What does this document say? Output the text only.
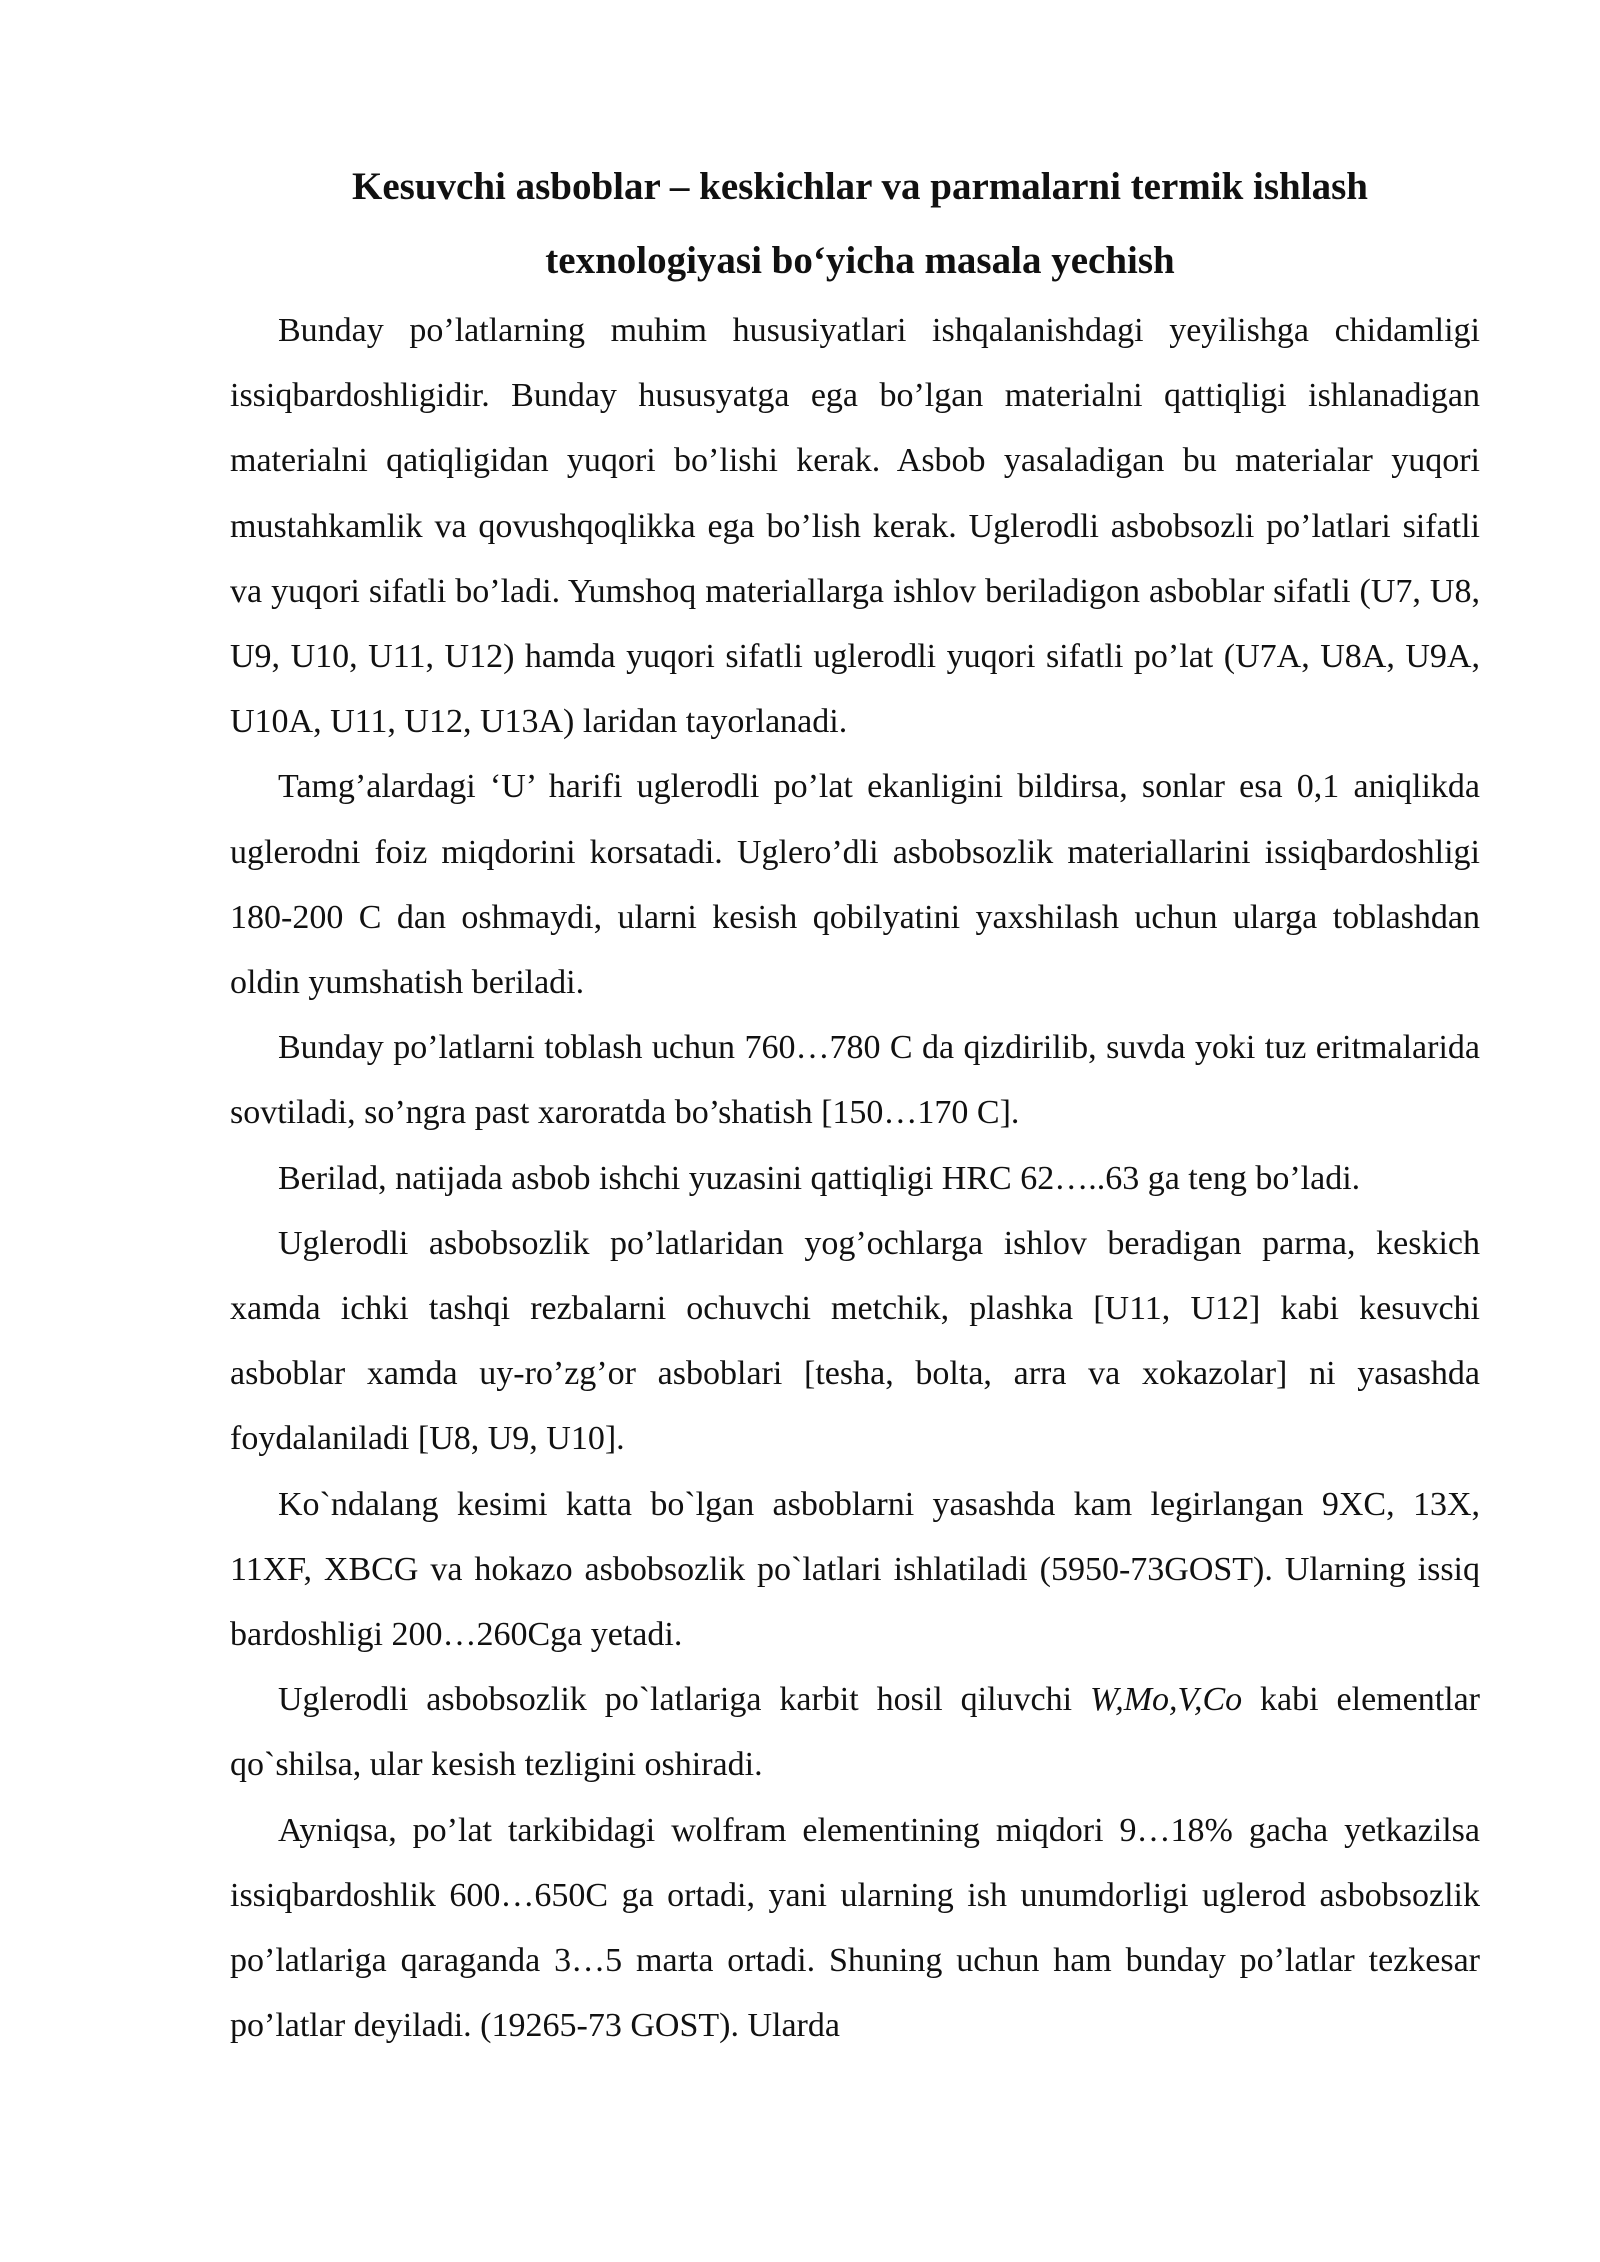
Kesuvchi asboblar – keskichlar va parmalarni termik ishlash
texnologiyasi bo‘yicha masala yechish

Bunday po’latlarning muhim hususiyatlari ishqalanishdagi yeyilishga chidamligi issiqbardoshligidir. Bunday hususyatga ega bo’lgan materialni qattiqligi ishlanadigan materialni qatiqligidan yuqori bo’lishi kerak. Asbob yasaladigan bu materialar yuqori mustahkamlik va qovushqoqlikka ega bo’lish kerak. Uglerodli asbobsozli po’latlari sifatli va yuqori sifatli bo’ladi. Yumshoq materiallarga ishlov beriladigon asboblar sifatli (U7, U8, U9, U10, U11, U12) hamda yuqori sifatli uglerodli yuqori sifatli po’lat (U7A, U8A, U9A, U10A, U11, U12, U13A) laridan tayorlanadi.

Tamg’alardagi ‘U’ harifi uglerodli po’lat ekanligini bildirsa, sonlar esa 0,1 aniqlikda uglerodni foiz miqdorini korsatadi. Uglero’dli asbobsozlik materiallarini issiqbardoshligi 180-200 C dan oshmaydi, ularni kesish qobilyatini yaxshilash uchun ularga toblashdan oldin yumshatish beriladi.

Bunday po’latlarni toblash uchun 760…780 C da qizdirilib, suvda yoki tuz eritmalarida sovtiladi, so’ngra past xaroratda bo’shatish [150…170 C].

Berilad, natijada asbob ishchi yuzasini qattiqligi HRC 62…..63 ga teng bo’ladi.

Uglerodli asbobsozlik po’latlaridan yog’ochlarga ishlov beradigan parma, keskich xamda ichki tashqi rezbalarni ochuvchi metchik, plashka [U11, U12] kabi kesuvchi asboblar xamda uy-ro’zg’or asboblari [tesha, bolta, arra va xokazolar] ni yasashda foydalaniladi [U8, U9, U10].

Ko`ndalang kesimi katta bo`lgan asboblarni yasashda kam legirlangan 9XC, 13X, 11XF, XBCG va hokazo asbobsozlik po`latlari ishlatiladi (5950-73GOST). Ularning issiq bardoshligi 200…260Cga yetadi.

Uglerodli asbobsozlik po`latlariga karbit hosil qiluvchi W,Mo,V,Co kabi elementlar qo`shilsa, ular kesish tezligini oshiradi.

Ayniqsa, po’lat tarkibidagi wolfram elementining miqdori 9…18% gacha yetkazilsa issiqbardoshlik 600…650C ga ortadi, yani ularning ish unumdorligi uglerod asbobsozlik po’latlariga qaraganda 3…5 marta ortadi. Shuning uchun ham bunday po’latlar tezkesar po’latlar deyiladi. (19265-73 GOST). Ularda
